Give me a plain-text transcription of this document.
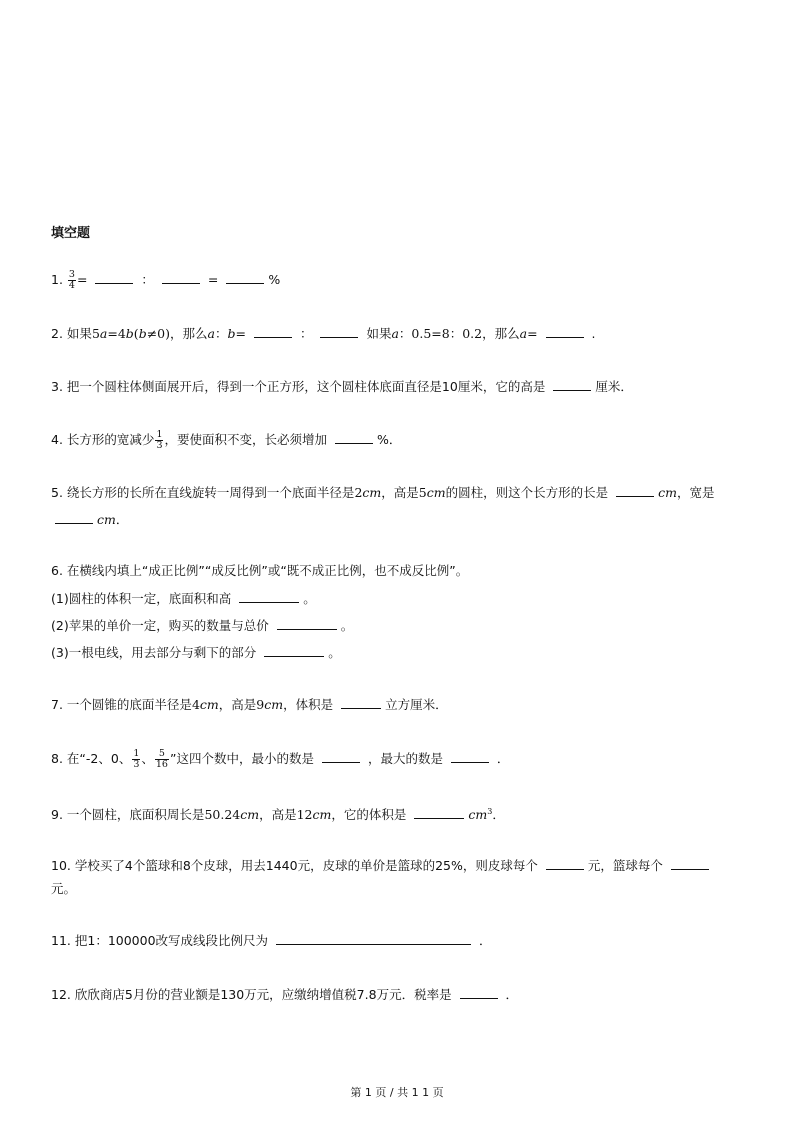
填空题
1. $\frac{3}{4}$ =	：	=	%
2. 如果5a=4b(b≠0)，那么a：b=	：	如果a：0.5=8：0.2，那么a=	.
3. 把一个圆柱体侧面展开后，得到一个正方形，这个圆柱体底面直径是10厘米，它的高是	厘米．
4. 长方形的宽减少 $\frac{1}{3}$ ，要使面积不变，长必须增加	%．
5. 绕长方形的长所在直线旋转一周得到一个底面半径是2cm，高是5cm的圆柱，则这个长方形的长是	cm，宽是
cm．
6. 在横线内填上“成正比例”“成反比例”或“既不成正比例，也不成反比例”。
(1)圆柱的体积一定，底面积和高	。
(2)苹果的单价一定，购买的数量与总价	。
(3)一根电线，用去部分与剩下的部分	。
7. 一个圆锥的底面半径是4cm，高是9cm，体积是	立方厘米．
8. 在“-2、0、 $\frac{1}{3}$ 、 $\frac{5}{16}$ ”这四个数中，最小的数是	，最大的数是	．
9. 一个圆柱，底面积周长是50.24cm，高是12cm，它的体积是	$cm^3$．
10. 学校买了4个篮球和8个皮球，用去1440元，皮球的单价是篮球的25%，则皮球每个	元，篮球每个
元。
11. 把1：100000改写成线段比例尺为	．
12. 欣欣商店5月份的营业额是130万元，应缴纳增值税7.8万元．税率是	．
第 1 页 / 共 1 1 页
